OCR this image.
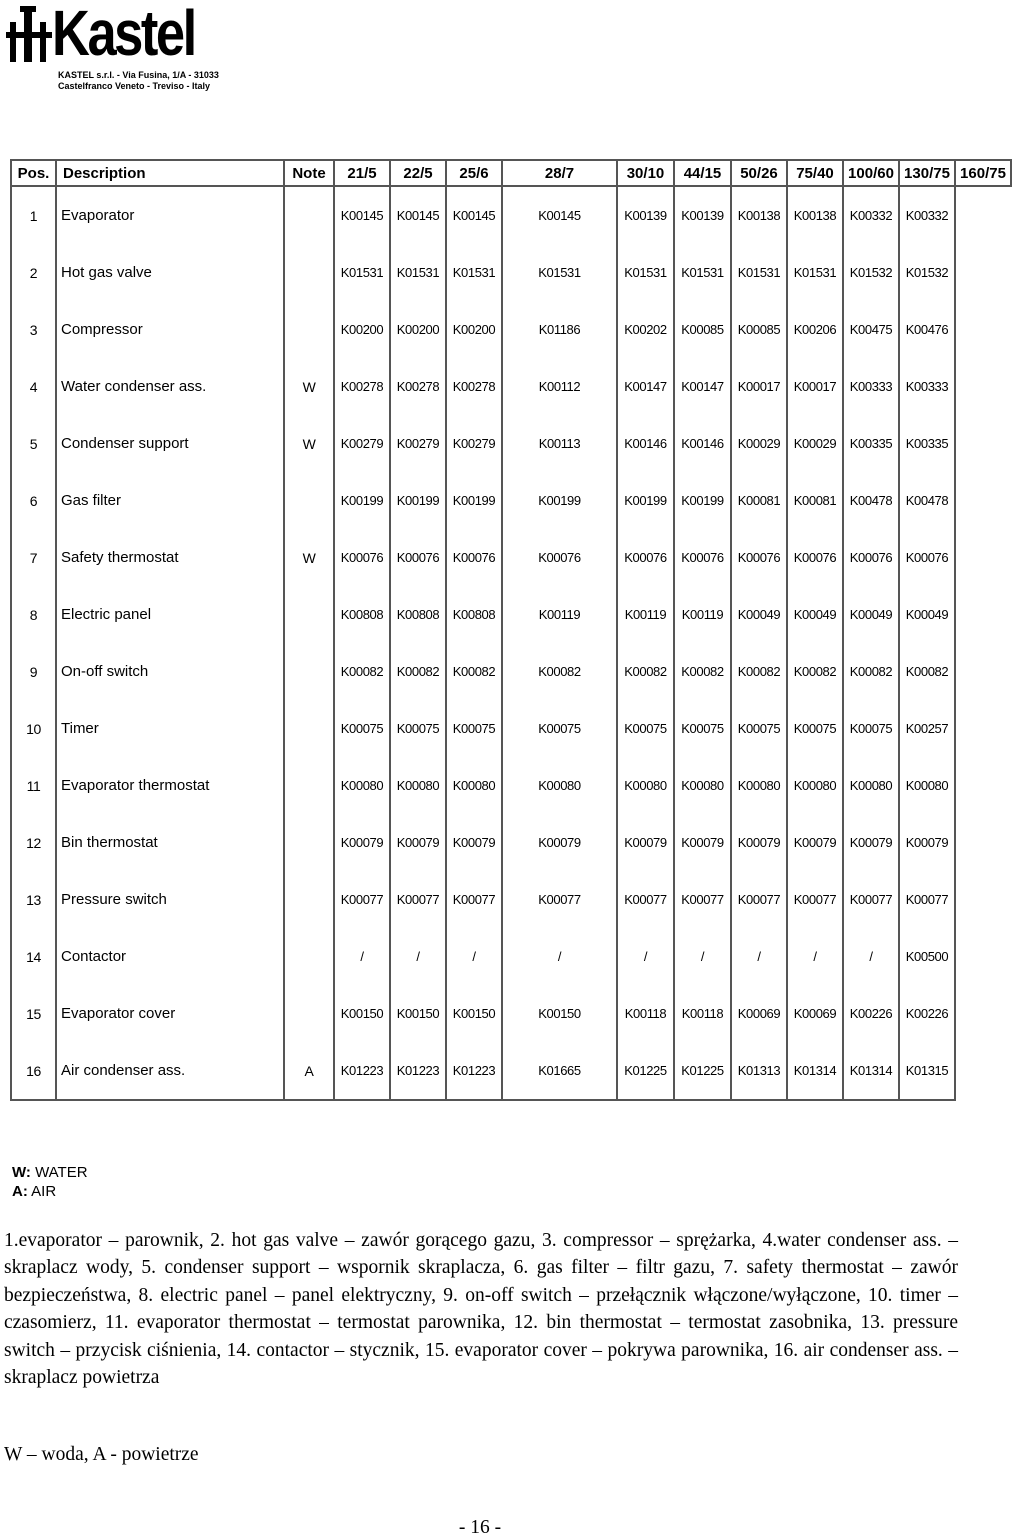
Kastel
KASTEL s.r.l. - Via Fusina, 1/A - 31033
Castelfranco Veneto - Treviso - Italy
Pos.	Description	Note	21/5	22/5	25/6	28/7	30/10	44/15	50/26	75/40	100/60	130/75	160/75
1	Evaporator		K00145	K00145	K00145	K00145	K00139	K00139	K00138	K00138	K00332	K00332	
2	Hot gas valve		K01531	K01531	K01531	K01531	K01531	K01531	K01531	K01531	K01532	K01532	
3	Compressor		K00200	K00200	K00200	K01186	K00202	K00085	K00085	K00206	K00475	K00476	
4	Water condenser ass.	W	K00278	K00278	K00278	K00112	K00147	K00147	K00017	K00017	K00333	K00333	
5	Condenser support	W	K00279	K00279	K00279	K00113	K00146	K00146	K00029	K00029	K00335	K00335	
6	Gas filter		K00199	K00199	K00199	K00199	K00199	K00199	K00081	K00081	K00478	K00478	
7	Safety thermostat	W	K00076	K00076	K00076	K00076	K00076	K00076	K00076	K00076	K00076	K00076	
8	Electric panel		K00808	K00808	K00808	K00119	K00119	K00119	K00049	K00049	K00049	K00049	
9	On-off switch		K00082	K00082	K00082	K00082	K00082	K00082	K00082	K00082	K00082	K00082	
10	Timer		K00075	K00075	K00075	K00075	K00075	K00075	K00075	K00075	K00075	K00257	
11	Evaporator thermostat		K00080	K00080	K00080	K00080	K00080	K00080	K00080	K00080	K00080	K00080	
12	Bin thermostat		K00079	K00079	K00079	K00079	K00079	K00079	K00079	K00079	K00079	K00079	
13	Pressure switch		K00077	K00077	K00077	K00077	K00077	K00077	K00077	K00077	K00077	K00077	
14	Contactor		/	/	/	/	/	/	/	/	/	K00500	
15	Evaporator cover		K00150	K00150	K00150	K00150	K00118	K00118	K00069	K00069	K00226	K00226	
16	Air condenser ass.	A	K01223	K01223	K01223	K01665	K01225	K01225	K01313	K01314	K01314	K01315	
W: WATER
A: AIR
1.evaporator – parownik, 2. hot gas valve – zawór gorącego gazu, 3. compressor – sprężarka, 4.water condenser ass. – skraplacz wody, 5. condenser support – wspornik skraplacza, 6. gas filter – filtr gazu, 7. safety thermostat – zawór bezpieczeństwa, 8. electric panel – panel elektryczny, 9. on-off switch – przełącznik włączone/wyłączone, 10. timer – czasomierz, 11. evaporator thermostat – termostat parownika, 12. bin thermostat – termostat zasobnika, 13. pressure switch – przycisk ciśnienia, 14. contactor – stycznik, 15. evaporator cover – pokrywa parownika, 16. air condenser ass. – skraplacz powietrza
W – woda, A - powietrze
- 16 -
